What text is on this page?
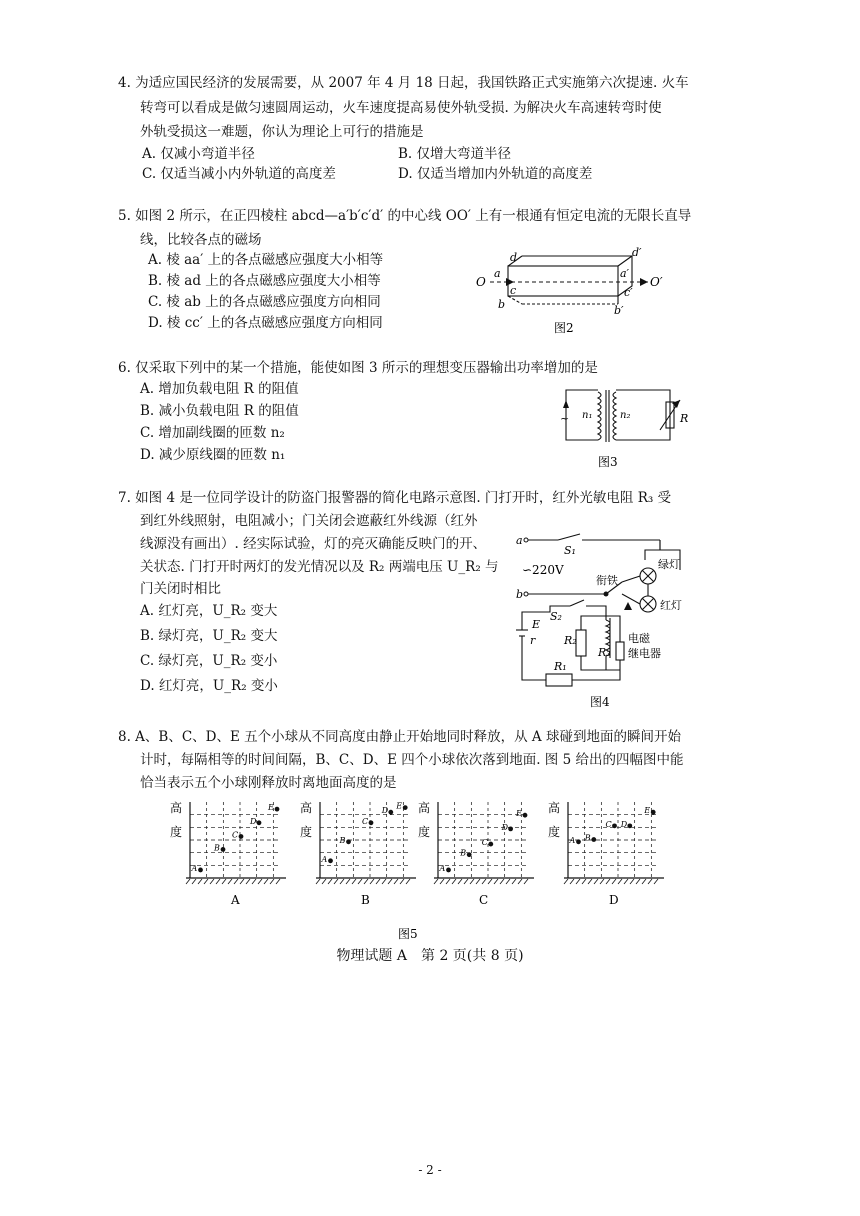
4. 为适应国民经济的发展需要，从 2007 年 4 月 18 日起，我国铁路正式实施第六次提速. 火车
转弯可以看成是做匀速圆周运动，火车速度提高易使外轨受损. 为解决火车高速转弯时使
外轨受损这一难题，你认为理论上可行的措施是
A. 仅减小弯道半径	B. 仅增大弯道半径
C. 仅适当减小内外轨道的高度差	D. 仅适当增加内外轨道的高度差
5. 如图 2 所示，在正四棱柱 abcd—a′b′c′d′ 的中心线 OO′ 上有一根通有恒定电流的无限长直导
线，比较各点的磁场
A. 棱 aa′ 上的各点磁感应强度大小相等
B. 棱 ad 上的各点磁感应强度大小相等
C. 棱 ab 上的各点磁感应强度方向相同
D. 棱 cc′ 上的各点磁感应强度方向相同
O	O′
a
b
c
d
a′
b′
c′
d′
图2
6. 仅采取下列中的某一个措施，能使如图 3 所示的理想变压器输出功率增加的是
A. 增加负载电阻 R 的阻值
B. 减小负载电阻 R 的阻值
C. 增加副线圈的匝数 n₂
D. 减少原线圈的匝数 n₁
~ n₁	n₂	R
图3
7. 如图 4 是一位同学设计的防盗门报警器的简化电路示意图. 门打开时，红外光敏电阻 R₃ 受
到红外线照射，电阻减小；门关闭会遮蔽红外线源（红外
线源没有画出）. 经实际试验，灯的亮灭确能反映门的开、
关状态. 门打开时两灯的发光情况以及 R₂ 两端电压 U_R₂ 与
门关闭时相比
A. 红灯亮，U_R₂ 变大
B. 绿灯亮，U_R₂ 变大
C. 绿灯亮，U_R₂ 变小
D. 红灯亮，U_R₂ 变小
a
b
S₁
∽220V
衔铁
绿灯
红灯
电磁
继电器
S₂
E
r
R₁
R₂
R₃
图4
8. A、B、C、D、E 五个小球从不同高度由静止开始地同时释放，从 A 球碰到地面的瞬间开始
计时，每隔相等的时间间隔，B、C、D、E 四个小球依次落到地面. 图 5 给出的四幅图中能
恰当表示五个小球刚释放时离地面高度的是
高
度
A
B
C
D
E
A
高
度
A
B
C
D
E
B
高
度
A
B
C
D
E
C
高
度
A B
C D
E
D
图5
物理试题 A　第 2 页(共 8 页)
- 2 -
